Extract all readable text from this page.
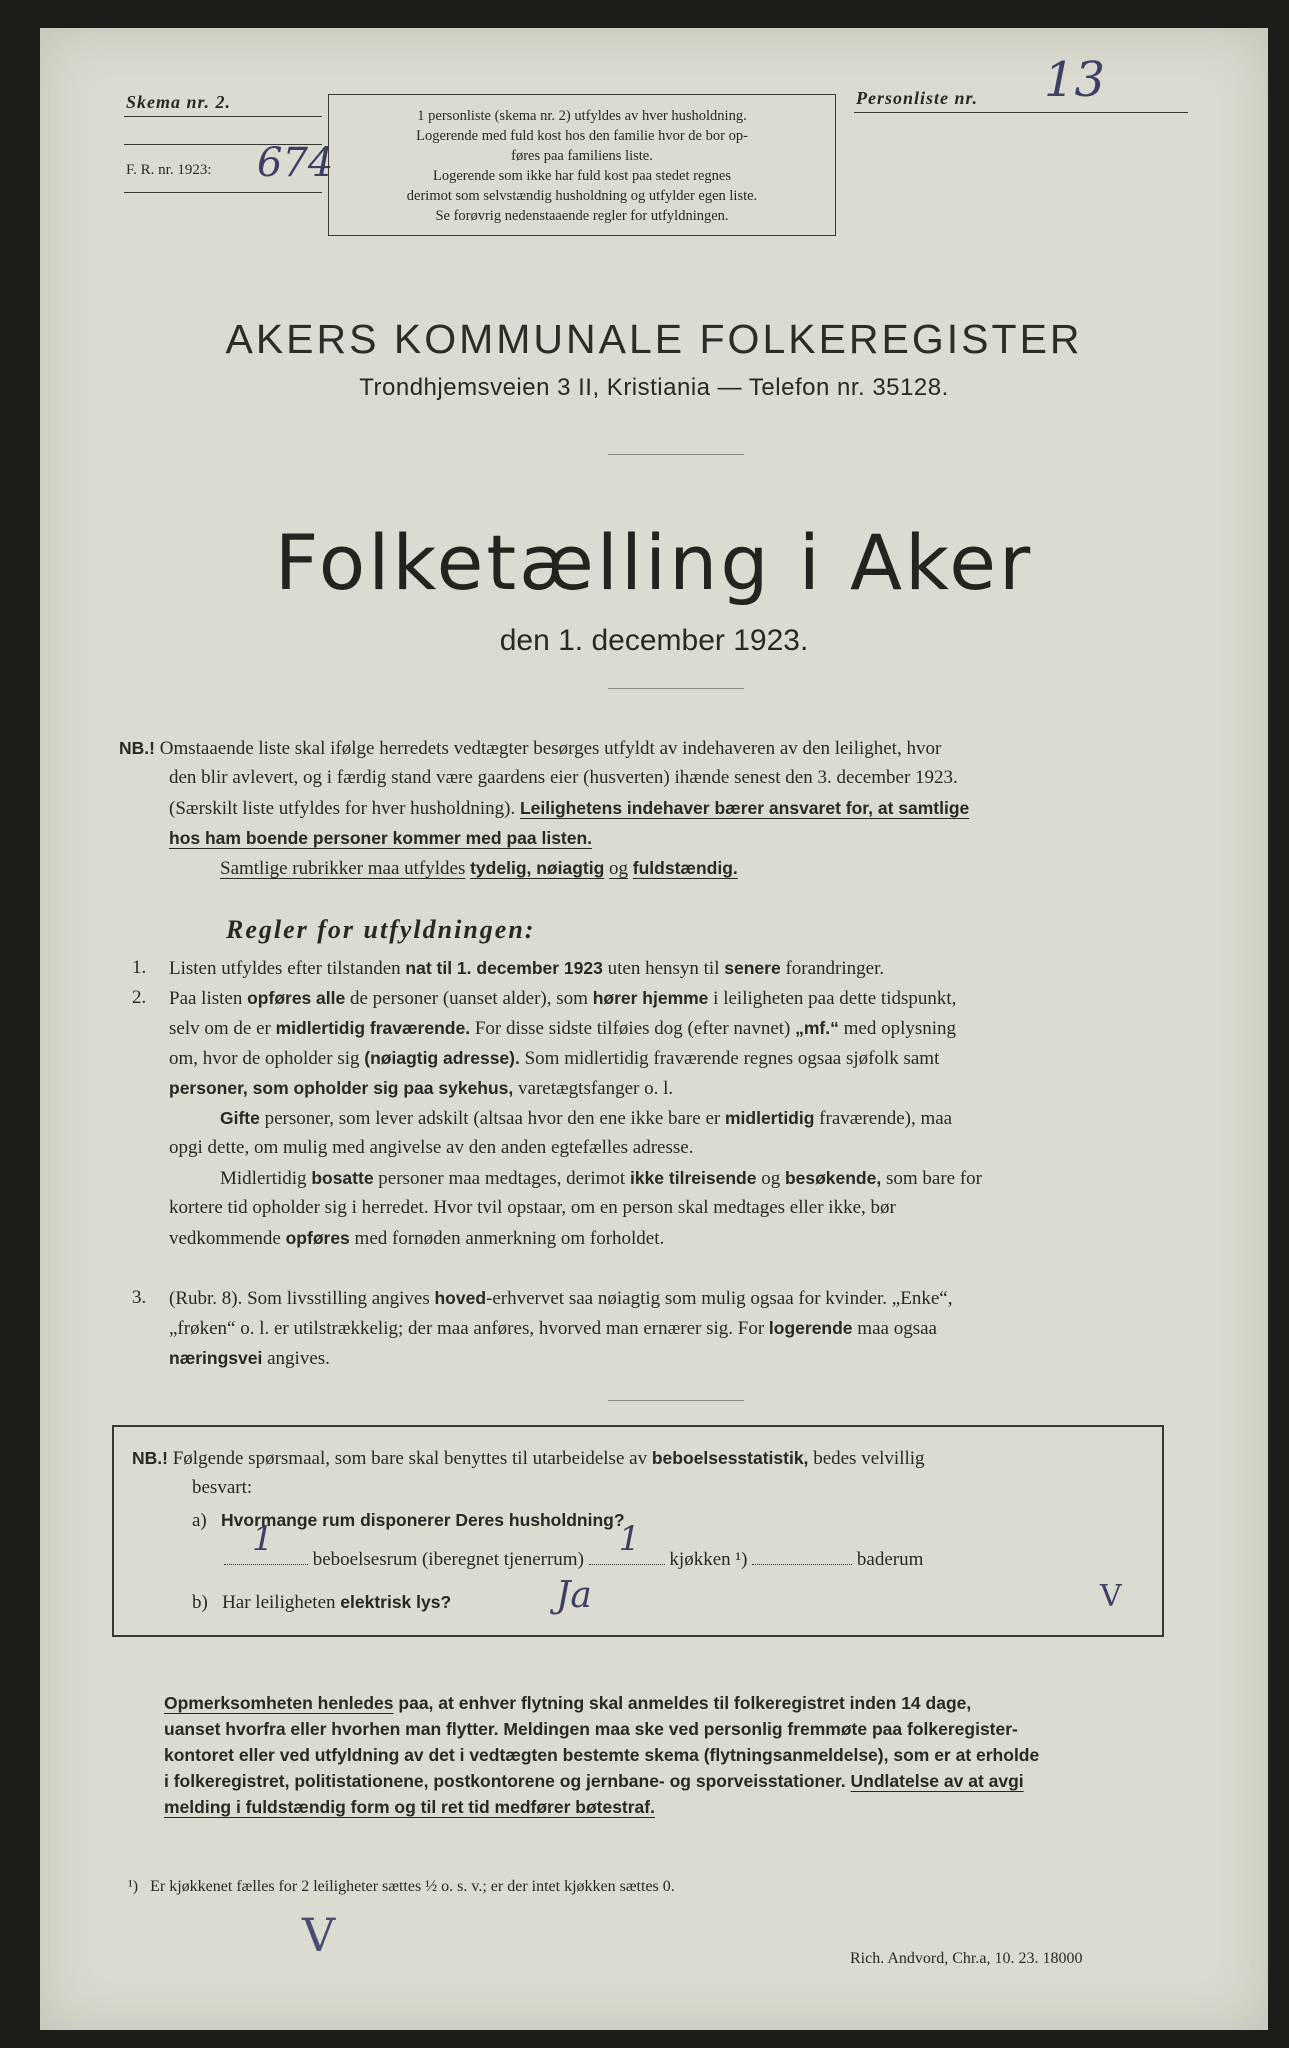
Skema nr. 2.
F. R. nr. 1923: 674
1 personliste (skema nr. 2) utfyldes av hver husholdning.
Logerende med fuld kost hos den familie hvor de bor op-
føres paa familiens liste.
Logerende som ikke har fuld kost paa stedet regnes
derimot som selvstændig husholdning og utfylder egen liste.
Se forøvrig nedenstaaende regler for utfyldningen.
Personliste nr. 13
AKERS KOMMUNALE FOLKEREGISTER
Trondhjemsveien 3 II, Kristiania — Telefon nr. 35128.
Folketælling i Aker
den 1. december 1923.
NB.! Omstaaende liste skal ifølge herredets vedtægter besørges utfyldt av indehaveren av den leilighet, hvor
den blir avlevert, og i færdig stand være gaardens eier (husverten) ihænde senest den 3. december 1923.
(Særskilt liste utfyldes for hver husholdning). Leilighetens indehaver bærer ansvaret for, at samtlige
hos ham boende personer kommer med paa listen.
Samtlige rubrikker maa utfyldes tydelig, nøiagtig og fuldstændig.
Regler for utfyldningen:
1. Listen utfyldes efter tilstanden nat til 1. december 1923 uten hensyn til senere forandringer.
2. Paa listen opføres alle de personer (uanset alder), som hører hjemme i leiligheten paa dette tidspunkt,
selv om de er midlertidig fraværende. For disse sidste tilføies dog (efter navnet) „mf.“ med oplysning
om, hvor de opholder sig (nøiagtig adresse). Som midlertidig fraværende regnes ogsaa sjøfolk samt
personer, som opholder sig paa sykehus, varetægtsfanger o. l.
Gifte personer, som lever adskilt (altsaa hvor den ene ikke bare er midlertidig fraværende), maa
opgi dette, om mulig med angivelse av den anden egtefælles adresse.
Midlertidig bosatte personer maa medtages, derimot ikke tilreisende og besøkende, som bare for
kortere tid opholder sig i herredet. Hvor tvil opstaar, om en person skal medtages eller ikke, bør
vedkommende opføres med fornøden anmerkning om forholdet.
3. (Rubr. 8). Som livsstilling angives hoved-erhvervet saa nøiagtig som mulig ogsaa for kvinder. „Enke“,
„frøken“ o. l. er utilstrækkelig; der maa anføres, hvorved man ernærer sig. For logerende maa ogsaa
næringsvei angives.
NB.! Følgende spørsmaal, som bare skal benyttes til utarbeidelse av beboelsesstatistik, bedes velvillig
besvart:
a) Hvormange rum disponerer Deres husholdning?
1
beboelsesrum (iberegnet tjenerrum)
1
kjøkken ¹)	baderum
b) Har leiligheten elektrisk lys?	Ja	V
Opmerksomheten henledes paa, at enhver flytning skal anmeldes til folkeregistret inden 14 dage,
uanset hvorfra eller hvorhen man flytter. Meldingen maa ske ved personlig fremmøte paa folkeregister-
kontoret eller ved utfyldning av det i vedtægten bestemte skema (flytningsanmeldelse), som er at erholde
i folkeregistret, politistationene, postkontorene og jernbane- og sporveisstationer. Undlatelse av at avgi
melding i fuldstændig form og til ret tid medfører bøtestraf.
¹) Er kjøkkenet fælles for 2 leiligheter sættes ½ o. s. v.; er der intet kjøkken sættes 0.
V	Rich. Andvord, Chr.a, 10. 23. 18000
